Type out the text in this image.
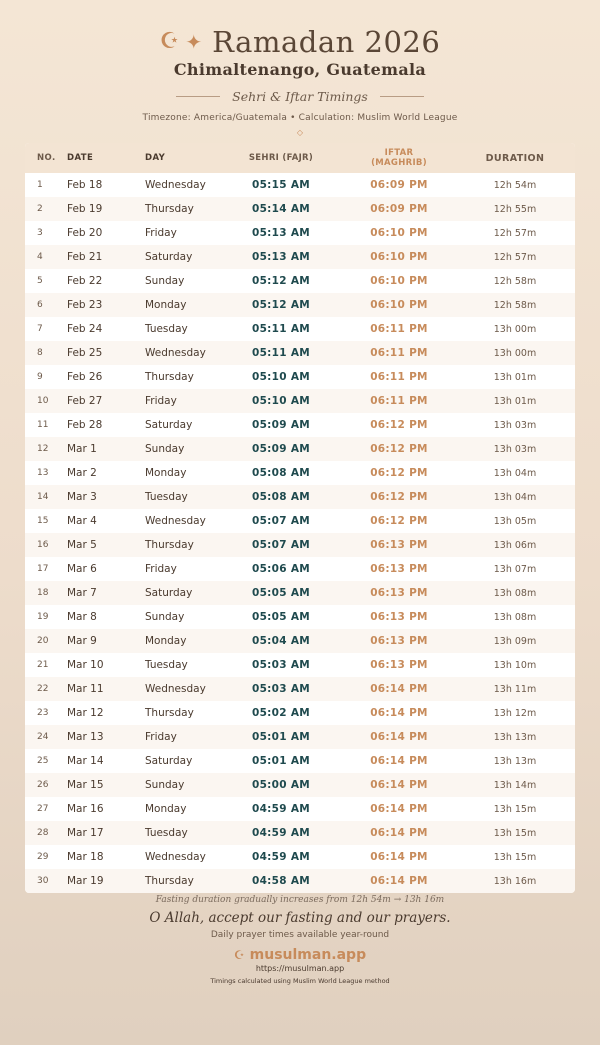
☪ ✦ Ramadan 2026
Chimaltenango, Guatemala
Sehri & Iftar Timings
Timezone: America/Guatemala • Calculation: Muslim World League
◇
NO.	DATE	DAY	SEHRI (FAJR)	IFTAR (MAGHRIB)	DURATION
1	Feb 18	Wednesday	05:15 AM	06:09 PM	12h 54m
2	Feb 19	Thursday	05:14 AM	06:09 PM	12h 55m
3	Feb 20	Friday	05:13 AM	06:10 PM	12h 57m
4	Feb 21	Saturday	05:13 AM	06:10 PM	12h 57m
5	Feb 22	Sunday	05:12 AM	06:10 PM	12h 58m
6	Feb 23	Monday	05:12 AM	06:10 PM	12h 58m
7	Feb 24	Tuesday	05:11 AM	06:11 PM	13h 00m
8	Feb 25	Wednesday	05:11 AM	06:11 PM	13h 00m
9	Feb 26	Thursday	05:10 AM	06:11 PM	13h 01m
10	Feb 27	Friday	05:10 AM	06:11 PM	13h 01m
11	Feb 28	Saturday	05:09 AM	06:12 PM	13h 03m
12	Mar 1	Sunday	05:09 AM	06:12 PM	13h 03m
13	Mar 2	Monday	05:08 AM	06:12 PM	13h 04m
14	Mar 3	Tuesday	05:08 AM	06:12 PM	13h 04m
15	Mar 4	Wednesday	05:07 AM	06:12 PM	13h 05m
16	Mar 5	Thursday	05:07 AM	06:13 PM	13h 06m
17	Mar 6	Friday	05:06 AM	06:13 PM	13h 07m
18	Mar 7	Saturday	05:05 AM	06:13 PM	13h 08m
19	Mar 8	Sunday	05:05 AM	06:13 PM	13h 08m
20	Mar 9	Monday	05:04 AM	06:13 PM	13h 09m
21	Mar 10	Tuesday	05:03 AM	06:13 PM	13h 10m
22	Mar 11	Wednesday	05:03 AM	06:14 PM	13h 11m
23	Mar 12	Thursday	05:02 AM	06:14 PM	13h 12m
24	Mar 13	Friday	05:01 AM	06:14 PM	13h 13m
25	Mar 14	Saturday	05:01 AM	06:14 PM	13h 13m
26	Mar 15	Sunday	05:00 AM	06:14 PM	13h 14m
27	Mar 16	Monday	04:59 AM	06:14 PM	13h 15m
28	Mar 17	Tuesday	04:59 AM	06:14 PM	13h 15m
29	Mar 18	Wednesday	04:59 AM	06:14 PM	13h 15m
30	Mar 19	Thursday	04:58 AM	06:14 PM	13h 16m
Fasting duration gradually increases from 12h 54m → 13h 16m
O Allah, accept our fasting and our prayers.
Daily prayer times available year-round
☪ musulman.app
https://musulman.app
Timings calculated using Muslim World League method
